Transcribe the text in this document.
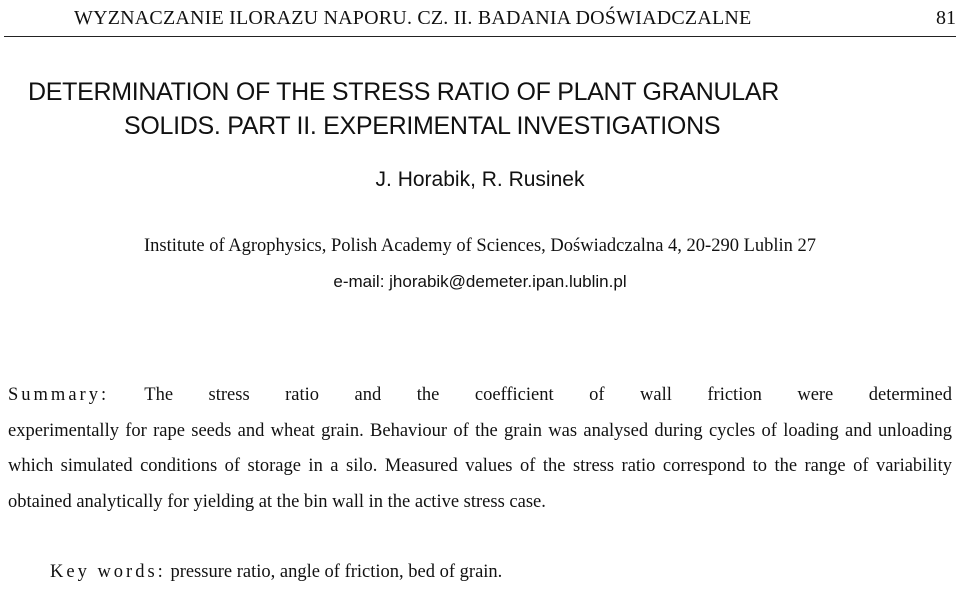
WYZNACZANIE ILORAZU NAPORU. CZ. II. BADANIA DOŚWIADCZALNE	81
DETERMINATION OF THE STRESS RATIO OF PLANT GRANULAR
SOLIDS. PART II. EXPERIMENTAL INVESTIGATIONS
J. Horabik, R. Rusinek
Institute of Agrophysics, Polish Academy of Sciences, Doświadczalna 4, 20-290 Lublin 27
e-mail: jhorabik@demeter.ipan.lublin.pl
Summary: The stress ratio and the coefficient of wall friction were determined
experimentally for rape seeds and wheat grain. Behaviour of the grain was analysed during cycles of loading and unloading which simulated conditions of storage in a silo. Measured values of the stress ratio correspond to the range of variability obtained analytically for yielding at the bin wall in the active stress case.
Key words: pressure ratio, angle of friction, bed of grain.
